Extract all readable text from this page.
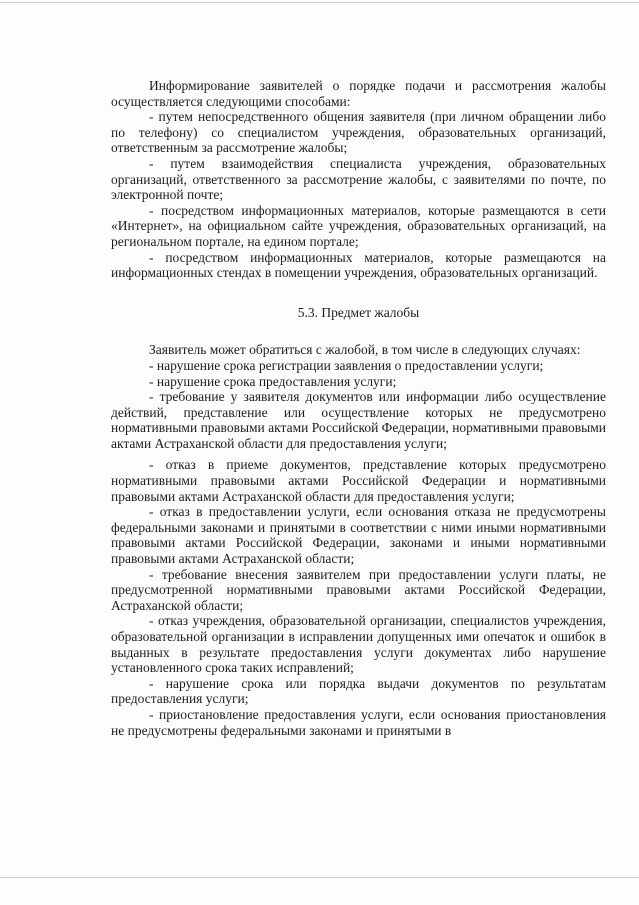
Информирование заявителей о порядке подачи и рассмотрения жалобы осуществляется следующими способами:

- путем непосредственного общения заявителя (при личном обращении либо по телефону) со специалистом учреждения, образовательных организаций, ответственным за рассмотрение жалобы;

- путем взаимодействия специалиста учреждения, образовательных организаций, ответственного за рассмотрение жалобы, с заявителями по почте, по электронной почте;

- посредством информационных материалов, которые размещаются в сети «Интернет», на официальном сайте учреждения, образовательных организаций, на региональном портале, на едином портале;

- посредством информационных материалов, которые размещаются на информационных стендах в помещении учреждения, образовательных организаций.

5.3. Предмет жалобы

Заявитель может обратиться с жалобой, в том числе в следующих случаях:

- нарушение срока регистрации заявления о предоставлении услуги;

- нарушение срока предоставления услуги;

- требование у заявителя документов или информации либо осуществление действий, представление или осуществление которых не предусмотрено нормативными правовыми актами Российской Федерации, нормативными правовыми актами Астраханской области для предоставления услуги;

- отказ в приеме документов, представление которых предусмотрено нормативными правовыми актами Российской Федерации и нормативными правовыми актами Астраханской области для предоставления услуги;

- отказ в предоставлении услуги, если основания отказа не предусмотрены федеральными законами и принятыми в соответствии с ними иными нормативными правовыми актами Российской Федерации, законами и иными нормативными правовыми актами Астраханской области;

- требование внесения заявителем при предоставлении услуги платы, не предусмотренной нормативными правовыми актами Российской Федерации, Астраханской области;

- отказ учреждения, образовательной организации, специалистов учреждения, образовательной организации в исправлении допущенных ими опечаток и ошибок в выданных в результате предоставления услуги документах либо нарушение установленного срока таких исправлений;

- нарушение срока или порядка выдачи документов по результатам предоставления услуги;

- приостановление предоставления услуги, если основания приостановления не предусмотрены федеральными законами и принятыми в
